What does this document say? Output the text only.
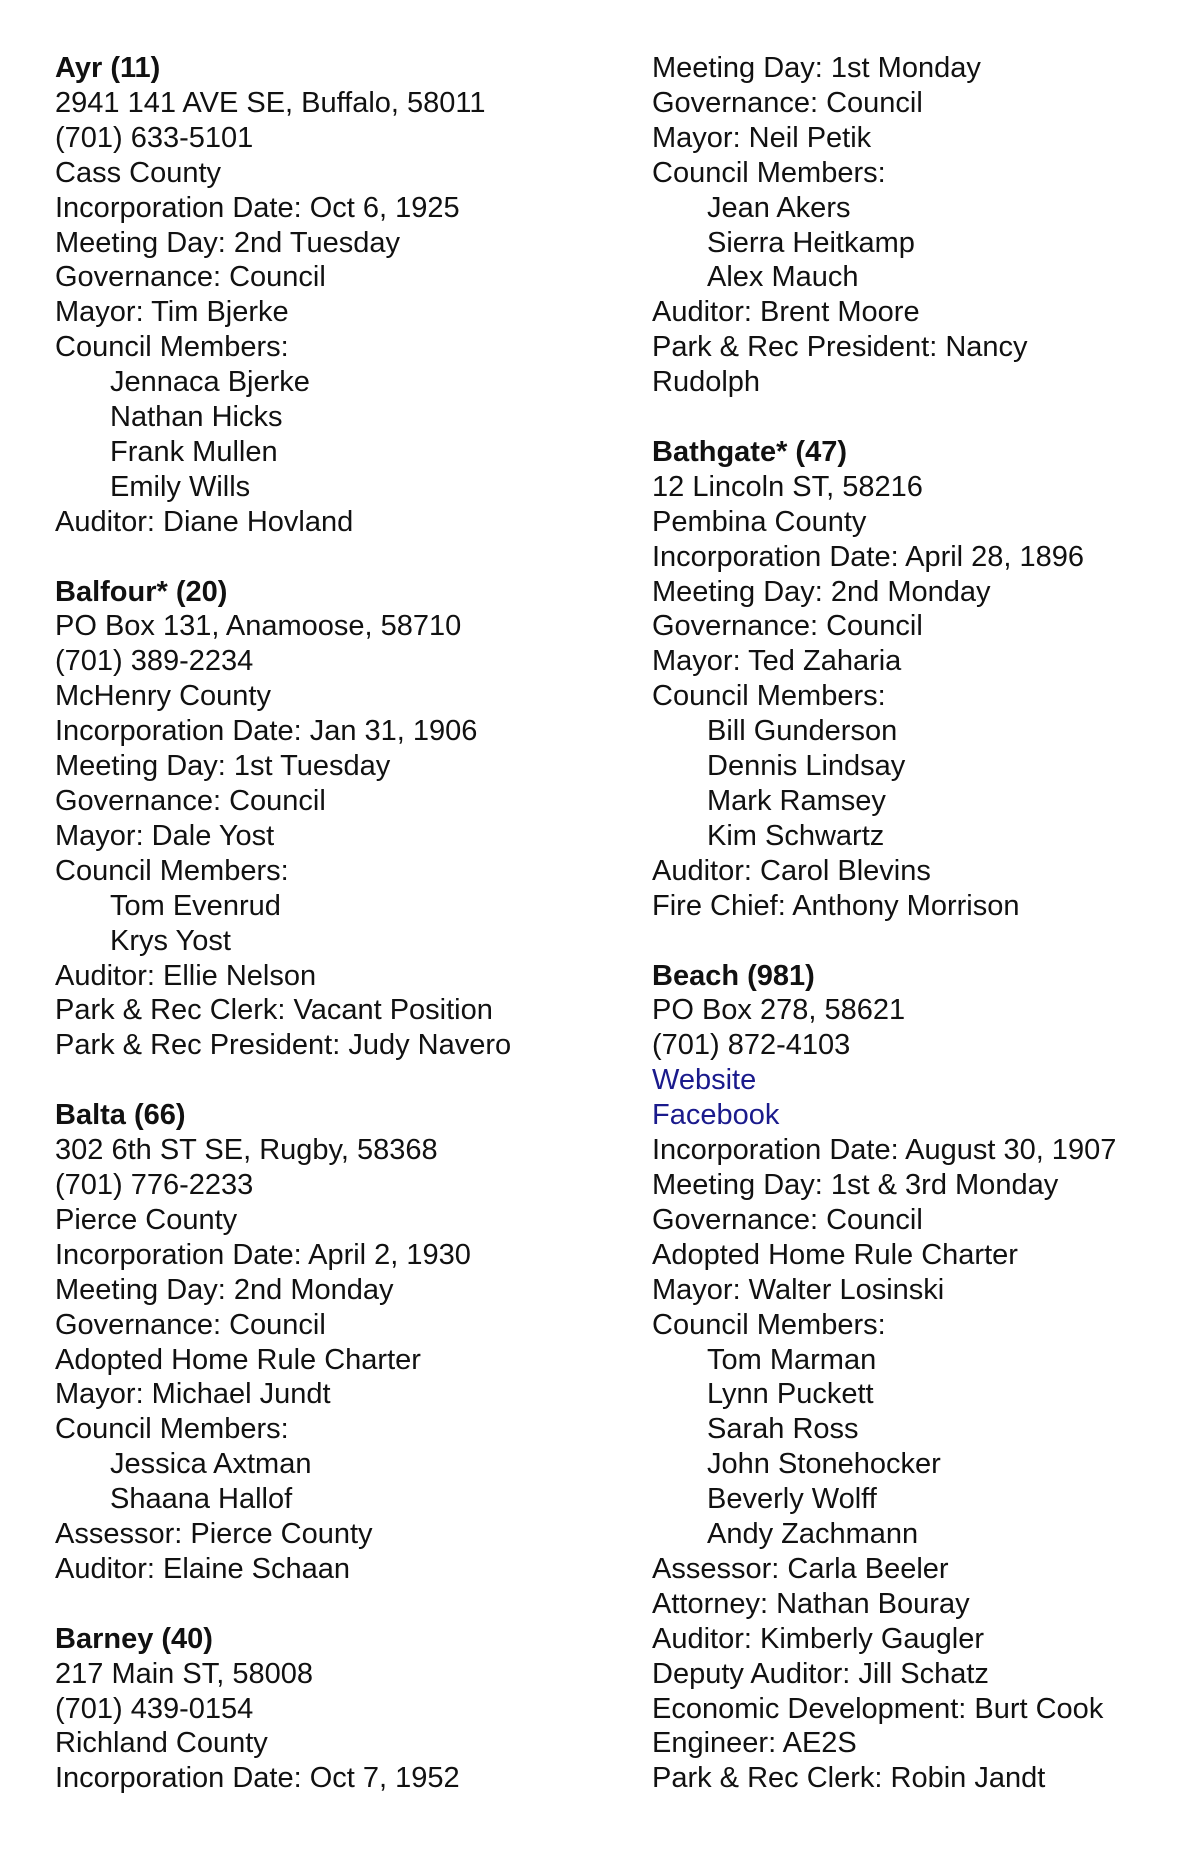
Ayr (11)
2941 141 AVE SE, Buffalo, 58011
(701) 633-5101
Cass County
Incorporation Date: Oct 6, 1925
Meeting Day: 2nd Tuesday
Governance: Council
Mayor: Tim Bjerke
Council Members:
Jennaca Bjerke
Nathan Hicks
Frank Mullen
Emily Wills
Auditor: Diane Hovland
Balfour* (20)
PO Box 131, Anamoose, 58710
(701) 389-2234
McHenry County
Incorporation Date: Jan 31, 1906
Meeting Day: 1st Tuesday
Governance: Council
Mayor: Dale Yost
Council Members:
Tom Evenrud
Krys Yost
Auditor: Ellie Nelson
Park & Rec Clerk: Vacant Position
Park & Rec President: Judy Navero
Balta (66)
302 6th ST SE, Rugby, 58368
(701) 776-2233
Pierce County
Incorporation Date: April 2, 1930
Meeting Day: 2nd Monday
Governance: Council
Adopted Home Rule Charter
Mayor: Michael Jundt
Council Members:
Jessica Axtman
Shaana Hallof
Assessor: Pierce County
Auditor: Elaine Schaan
Barney (40)
217 Main ST, 58008
(701) 439-0154
Richland County
Incorporation Date: Oct 7, 1952
Meeting Day: 1st Monday
Governance: Council
Mayor: Neil Petik
Council Members:
Jean Akers
Sierra Heitkamp
Alex Mauch
Auditor: Brent Moore
Park & Rec President: Nancy
Rudolph
Bathgate* (47)
12 Lincoln ST, 58216
Pembina County
Incorporation Date: April 28, 1896
Meeting Day: 2nd Monday
Governance: Council
Mayor: Ted Zaharia
Council Members:
Bill Gunderson
Dennis Lindsay
Mark Ramsey
Kim Schwartz
Auditor: Carol Blevins
Fire Chief: Anthony Morrison
Beach (981)
PO Box 278, 58621
(701) 872-4103
Website
Facebook
Incorporation Date: August 30, 1907
Meeting Day: 1st & 3rd Monday
Governance: Council
Adopted Home Rule Charter
Mayor: Walter Losinski
Council Members:
Tom Marman
Lynn Puckett
Sarah Ross
John Stonehocker
Beverly Wolff
Andy Zachmann
Assessor: Carla Beeler
Attorney: Nathan Bouray
Auditor: Kimberly Gaugler
Deputy Auditor: Jill Schatz
Economic Development: Burt Cook
Engineer: AE2S
Park & Rec Clerk: Robin Jandt
